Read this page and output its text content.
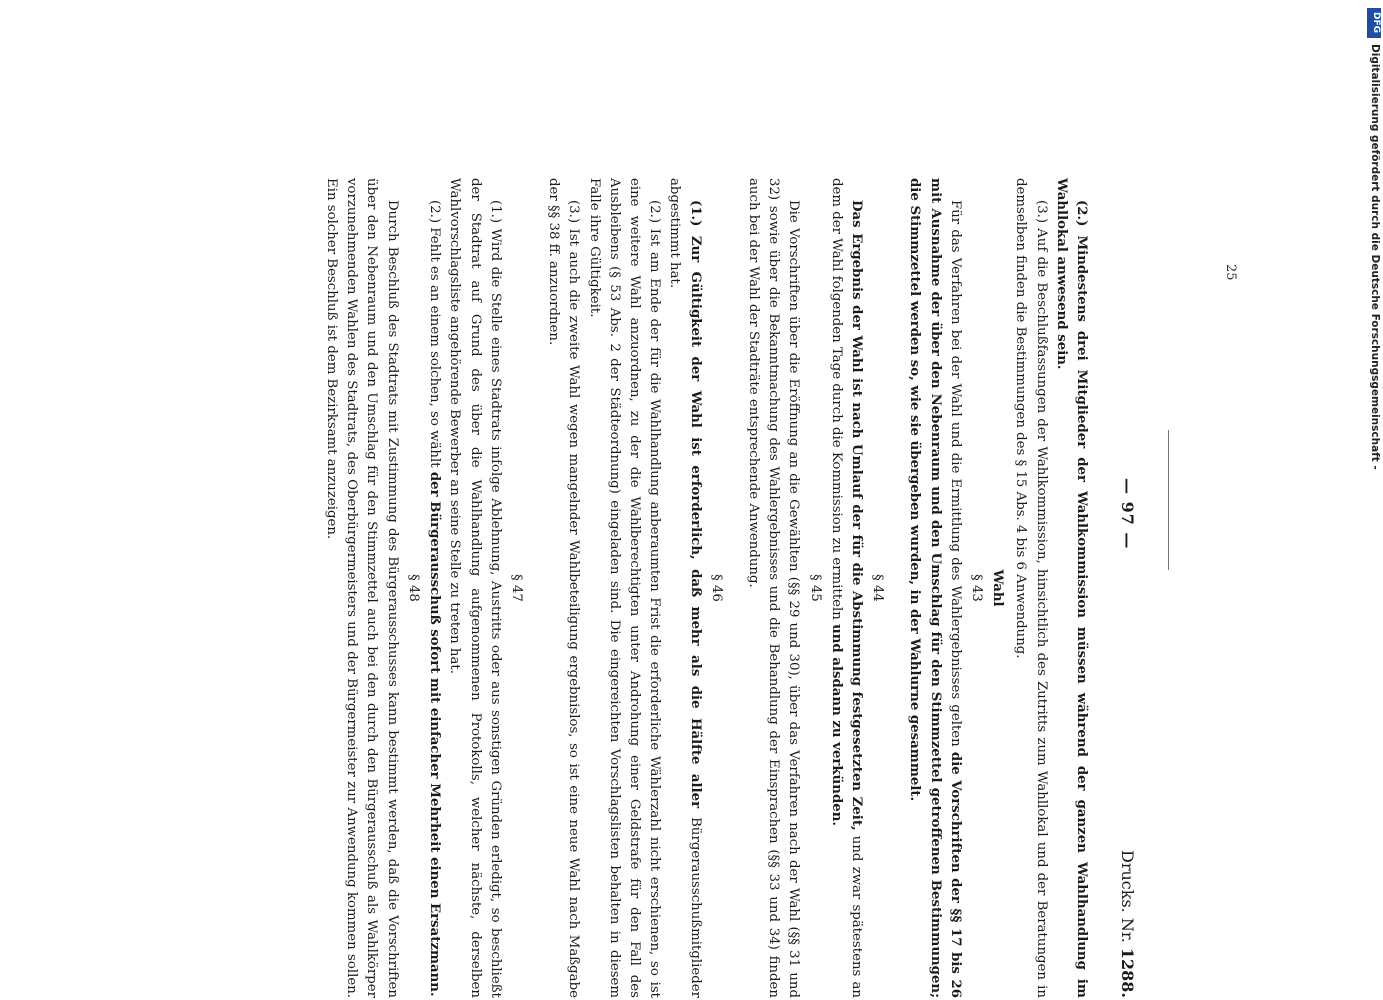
— 97 —
Drucks. Nr. 1288.

(2.) Mindestens drei Mitglieder der Wahlkommission müssen während der ganzen Wahlhandlung im Wahllokal anwesend sein.

(3.) Auf die Beschlußfassungen der Wahlkommission, hinsichtlich des Zutritts zum Wahllokal und der Beratungen in demselben finden die Bestimmungen des § 15 Abs. 4 bis 6 Anwendung.

Wahl
§ 43

Für das Verfahren bei der Wahl und die Ermittlung des Wahlergebnisses gelten die Vorschriften der §§ 17 bis 26 mit Ausnahme der über den Nebenraum und den Umschlag für den Stimmzettel getroffenen Bestimmungen; die Stimmzettel werden so, wie sie übergeben wurden, in der Wahlurne gesammelt.

§ 44

Das Ergebnis der Wahl ist nach Umlauf der für die Abstimmung festgesetzten Zeit, und zwar spätestens an dem der Wahl folgenden Tage durch die Kommission zu ermitteln und alsdann zu verkünden.

§ 45

Die Vorschriften über die Eröffnung an die Gewählten (§§ 29 und 30), über das Verfahren nach der Wahl (§§ 31 und 32) sowie über die Bekanntmachung des Wahlergebnisses und die Behandlung der Einsprachen (§§ 33 und 34) finden auch bei der Wahl der Stadträte entsprechende Anwendung.

§ 46

(1.) Zur Gültigkeit der Wahl ist erforderlich, daß mehr als die Hälfte aller Bürgerausschußmitglieder abgestimmt hat.

(2.) Ist am Ende der für die Wahlhandlung anberaumten Frist die erforderliche Wählerzahl nicht erschienen, so ist eine weitere Wahl anzuordnen, zu der die Wahlberechtigten unter Androhung einer Geldstrafe für den Fall des Ausbleibens (§ 53 Abs. 2 der Städteordnung) eingeladen sind. Die eingereichten Vorschlagslisten behalten in diesem Falle ihre Gültigkeit.

(3.) Ist auch die zweite Wahl wegen mangelnder Wahlbeteiligung ergebnislos, so ist eine neue Wahl nach Maßgabe der §§ 38 ff. anzuordnen.

§ 47

(1.) Wird die Stelle eines Stadtrats infolge Ablehnung, Austritts oder aus sonstigen Gründen erledigt, so beschließt der Stadtrat auf Grund des über die Wahlhandlung aufgenommenen Protokolls, welcher nächste, derselben Wahlvorschlagsliste angehörende Bewerber an seine Stelle zu treten hat.

(2.) Fehlt es an einem solchen, so wählt der Bürgerausschuß sofort mit einfacher Mehrheit einen Ersatzmann.

§ 48

Durch Beschluß des Stadtrats mit Zustimmung des Bürgerausschusses kann bestimmt werden, daß die Vorschriften über den Nebenraum und den Umschlag für den Stimmzettel auch bei den durch den Bürgerausschuß als Wahlkörper vorzunehmenden Wahlen des Stadtrats, des Oberbürgermeisters und der Bürgermeister zur Anwendung kommen sollen. Ein solcher Beschluß ist dem Bezirksamt anzuzeigen.	25
DFG
Digitalisierung gefördert durch die Deutsche Forschungsgemeinschaft -
